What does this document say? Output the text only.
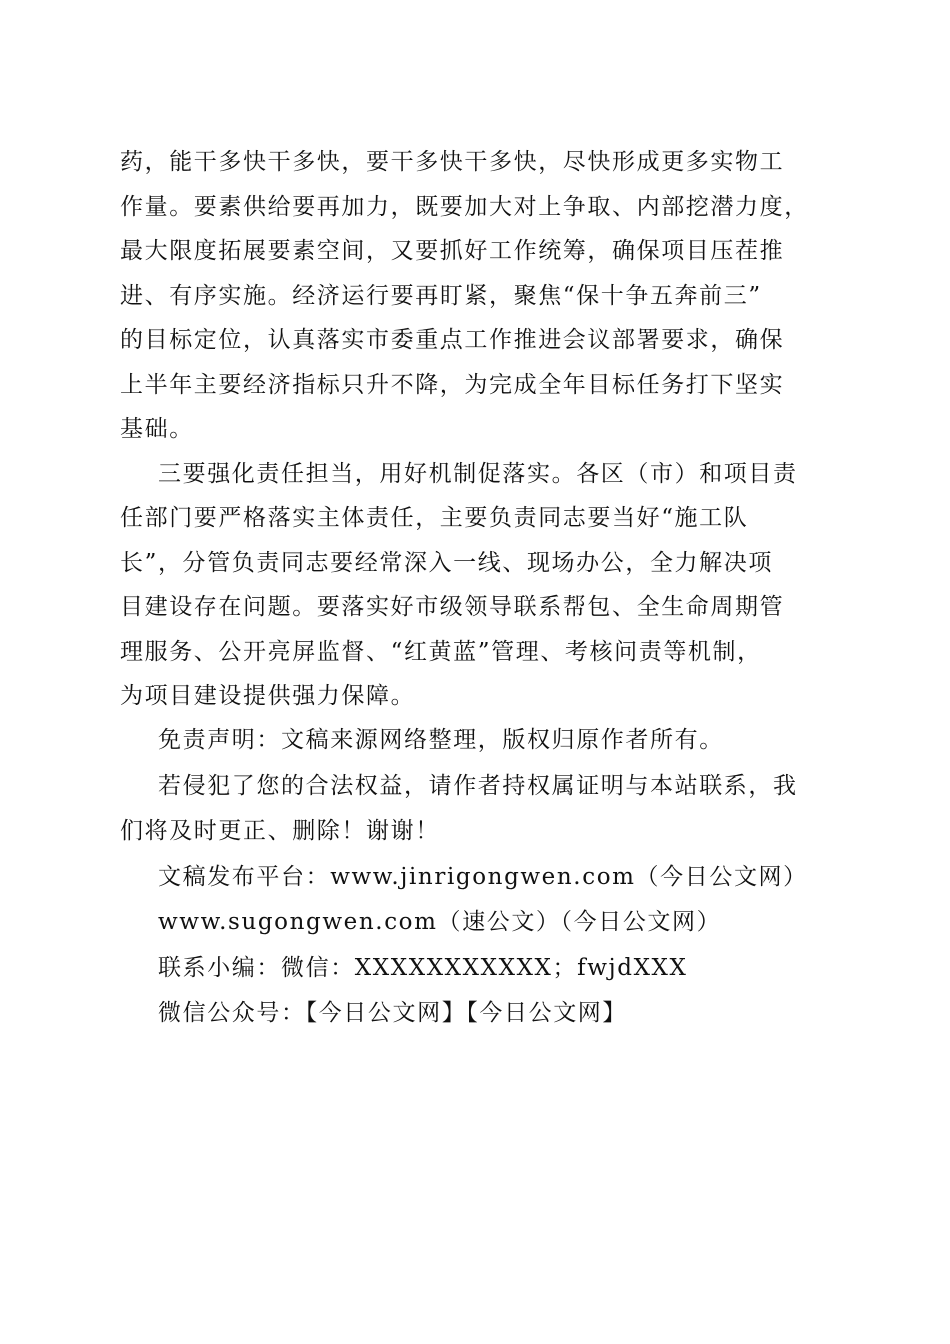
药，能干多快干多快，要干多快干多快，尽快形成更多实物工
作量。要素供给要再加力，既要加大对上争取、内部挖潜力度，
最大限度拓展要素空间，又要抓好工作统筹，确保项目压茬推
进、有序实施。经济运行要再盯紧，聚焦“保十争五奔前三”
的目标定位，认真落实市委重点工作推进会议部署要求，确保
上半年主要经济指标只升不降，为完成全年目标任务打下坚实
基础。
三要强化责任担当，用好机制促落实。各区（市）和项目责
任部门要严格落实主体责任，主要负责同志要当好“施工队
长”，分管负责同志要经常深入一线、现场办公，全力解决项
目建设存在问题。要落实好市级领导联系帮包、全生命周期管
理服务、公开亮屏监督、“红黄蓝”管理、考核问责等机制，
为项目建设提供强力保障。
免责声明：文稿来源网络整理，版权归原作者所有。
若侵犯了您的合法权益，请作者持权属证明与本站联系，我
们将及时更正、删除！谢谢！
文稿发布平台：www.jinrigongwen.com（今日公文网）
www.sugongwen.com（速公文）（今日公文网）
联系小编：微信：XXXXXXXXXXX；fwjdXXX
微信公众号：【今日公文网】【今日公文网】
